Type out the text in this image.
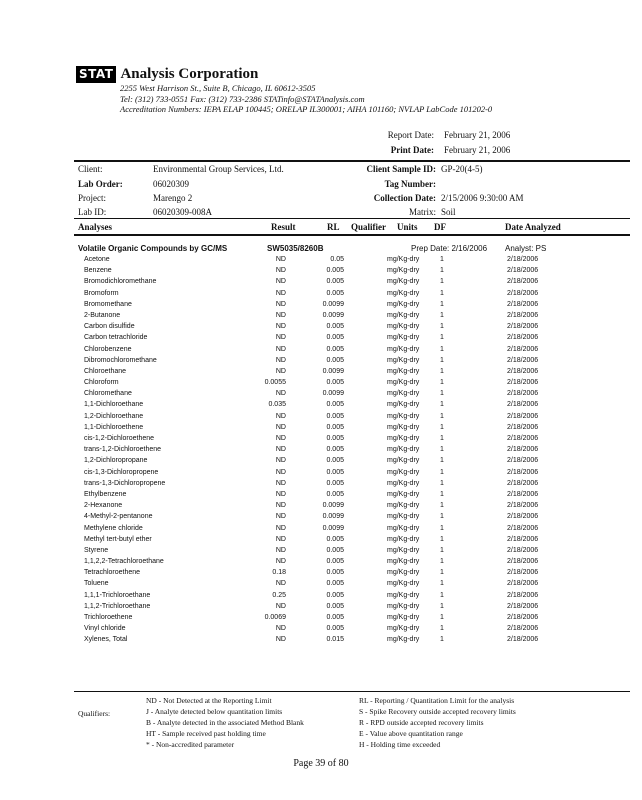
STAT Analysis Corporation
2255 West Harrison St., Suite B, Chicago, IL 60612-3505
Tel: (312) 733-0551 Fax: (312) 733-2386 STATinfo@STATAnalysis.com
Accreditation Numbers: IEPA ELAP 100445; ORELAP IL300001; AIHA 101160; NVLAP LabCode 101202-0
Report Date: February 21, 2006
Print Date: February 21, 2006
Client:	Environmental Group Services, Ltd.
Lab Order:	06020309
Project:	Marengo 2
Lab ID:	06020309-008A
Client Sample ID: GP-20(4-5)
Tag Number:
Collection Date: 2/15/2006 9:30:00 AM
Matrix: Soil
Analyses	Result	RL Qualifier Units DF	Date Analyzed
Volatile Organic Compounds by GC/MS	SW5035/8260B	Prep Date: 2/16/2006 Analyst: PS
Acetone	ND	0.05	mg/Kg-dry	1	2/18/2006
Benzene	ND	0.005	mg/Kg-dry	1	2/18/2006
Bromodichloromethane	ND	0.005	mg/Kg-dry	1	2/18/2006
Bromoform	ND	0.005	mg/Kg-dry	1	2/18/2006
Bromomethane	ND	0.0099	mg/Kg-dry	1	2/18/2006
2-Butanone	ND	0.0099	mg/Kg-dry	1	2/18/2006
Carbon disulfide	ND	0.005	mg/Kg-dry	1	2/18/2006
Carbon tetrachloride	ND	0.005	mg/Kg-dry	1	2/18/2006
Chlorobenzene	ND	0.005	mg/Kg-dry	1	2/18/2006
Dibromochloromethane	ND	0.005	mg/Kg-dry	1	2/18/2006
Chloroethane	ND	0.0099	mg/Kg-dry	1	2/18/2006
Chloroform	0.0055	0.005	mg/Kg-dry	1	2/18/2006
Chloromethane	ND	0.0099	mg/Kg-dry	1	2/18/2006
1,1-Dichloroethane	0.035	0.005	mg/Kg-dry	1	2/18/2006
1,2-Dichloroethane	ND	0.005	mg/Kg-dry	1	2/18/2006
1,1-Dichloroethene	ND	0.005	mg/Kg-dry	1	2/18/2006
cis-1,2-Dichloroethene	ND	0.005	mg/Kg-dry	1	2/18/2006
trans-1,2-Dichloroethene	ND	0.005	mg/Kg-dry	1	2/18/2006
1,2-Dichloropropane	ND	0.005	mg/Kg-dry	1	2/18/2006
cis-1,3-Dichloropropene	ND	0.005	mg/Kg-dry	1	2/18/2006
trans-1,3-Dichloropropene	ND	0.005	mg/Kg-dry	1	2/18/2006
Ethylbenzene	ND	0.005	mg/Kg-dry	1	2/18/2006
2-Hexanone	ND	0.0099	mg/Kg-dry	1	2/18/2006
4-Methyl-2-pentanone	ND	0.0099	mg/Kg-dry	1	2/18/2006
Methylene chloride	ND	0.0099	mg/Kg-dry	1	2/18/2006
Methyl tert-butyl ether	ND	0.005	mg/Kg-dry	1	2/18/2006
Styrene	ND	0.005	mg/Kg-dry	1	2/18/2006
1,1,2,2-Tetrachloroethane	ND	0.005	mg/Kg-dry	1	2/18/2006
Tetrachloroethene	0.18	0.005	mg/Kg-dry	1	2/18/2006
Toluene	ND	0.005	mg/Kg-dry	1	2/18/2006
1,1,1-Trichloroethane	0.25	0.005	mg/Kg-dry	1	2/18/2006
1,1,2-Trichloroethane	ND	0.005	mg/Kg-dry	1	2/18/2006
Trichloroethene	0.0069	0.005	mg/Kg-dry	1	2/18/2006
Vinyl chloride	ND	0.005	mg/Kg-dry	1	2/18/2006
Xylenes, Total	ND	0.015	mg/Kg-dry	1	2/18/2006
Qualifiers:
ND - Not Detected at the Reporting Limit
J - Analyte detected below quantitation limits
B - Analyte detected in the associated Method Blank
HT - Sample received past holding time
* - Non-accredited parameter
RL - Reporting / Quantitation Limit for the analysis
S - Spike Recovery outside accepted recovery limits
R - RPD outside accepted recovery limits
E - Value above quantitation range
H - Holding time exceeded
Page 39 of 80
